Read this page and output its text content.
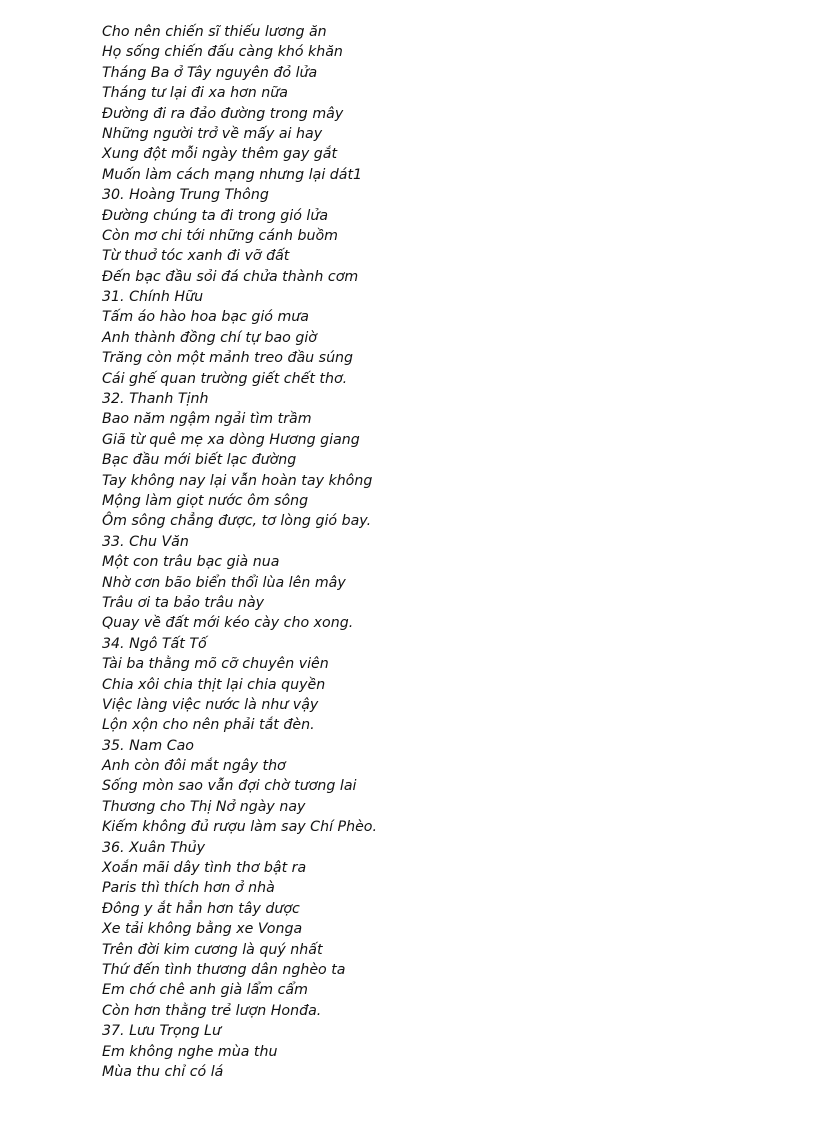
Cho nên chiến sĩ thiếu lương ăn
Họ sống chiến đấu càng khó khăn
Tháng Ba ở Tây nguyên đỏ lửa
Tháng tư lại đi xa hơn nữa
Đường đi ra đảo đường trong mây
Những người trở về mấy ai hay
Xung đột mỗi ngày thêm gay gắt
Muốn làm cách mạng nhưng lại dát1
30. Hoàng Trung Thông
Đường chúng ta đi trong gió lửa
Còn mơ chi tới những cánh buồm
Từ thuở tóc xanh đi vỡ đất
Đến bạc đầu sỏi đá chửa thành cơm
31. Chính Hữu
Tấm áo hào hoa bạc gió mưa
Anh thành đồng chí tự bao giờ
Trăng còn một mảnh treo đầu súng
Cái ghế quan trường giết chết thơ.
32. Thanh Tịnh
Bao năm ngậm ngải tìm trầm
Giã từ quê mẹ xa dòng Hương giang
Bạc đầu mới biết lạc đường
Tay không nay lại vẫn hoàn tay không
Mộng làm giọt nước ôm sông
Ôm sông chẳng được, tơ lòng gió bay.
33. Chu Văn
Một con trâu bạc già nua
Nhờ cơn bão biển thổi lùa lên mây
Trâu ơi ta bảo trâu này
Quay về đất mới kéo cày cho xong.
34. Ngô Tất Tố
Tài ba thằng mõ cỡ chuyên viên
Chia xôi chia thịt lại chia quyền
Việc làng việc nước là như vậy
Lộn xộn cho nên phải tắt đèn.
35. Nam Cao
Anh còn đôi mắt ngây thơ
Sống mòn sao vẫn đợi chờ tương lai
Thương cho Thị Nở ngày nay
Kiếm không đủ rượu làm say Chí Phèo.
36. Xuân Thủy
Xoắn mãi dây tình thơ bật ra
Paris thì thích hơn ở nhà
Đông y ắt hẳn hơn tây dược
Xe tải không bằng xe Vonga
Trên đời kim cương là quý nhất
Thứ đến tình thương dân nghèo ta
Em chớ chê anh già lẩm cẩm
Còn hơn thằng trẻ lượn Honđa.
37. Lưu Trọng Lư
Em không nghe mùa thu
Mùa thu chỉ có lá
